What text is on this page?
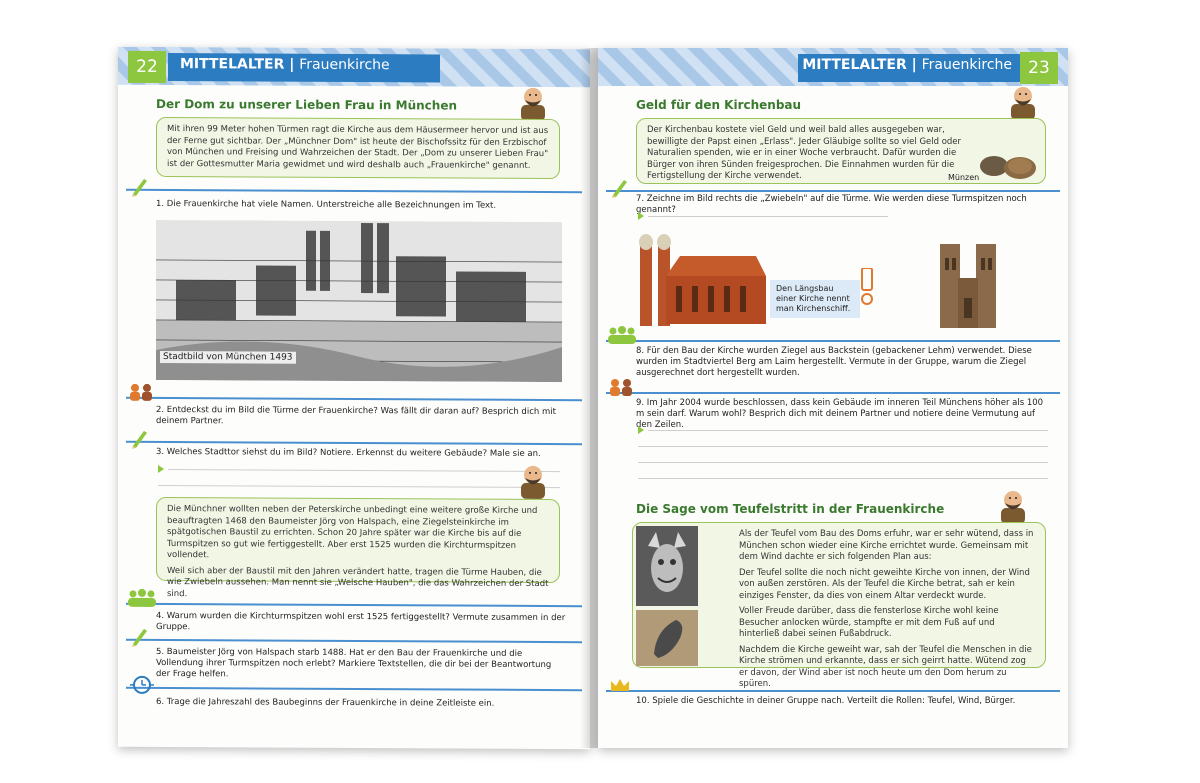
22	MITTELALTER | Frauenkirche
Der Dom zu unserer Lieben Frau in München

Mit ihren 99 Meter hohen Türmen ragt die Kirche aus dem Häusermeer hervor und ist aus der Ferne gut sichtbar. Der „Münchner Dom" ist heute der Bischofssitz für den Erzbischof von München und Freising und Wahrzeichen der Stadt. Der „Dom zu unserer Lieben Frau" ist der Gottesmutter Maria gewidmet und wird deshalb auch „Frauenkirche" genannt.

1. Die Frauenkirche hat viele Namen. Unterstreiche alle Bezeichnungen im Text.
Stadtbild von München 1493
2. Entdeckst du im Bild die Türme der Frauenkirche? Was fällt dir daran auf? Besprich dich mit deinem Partner.
3. Welches Stadttor siehst du im Bild? Notiere. Erkennst du weitere Gebäude? Male sie an.

Die Münchner wollten neben der Peterskirche unbedingt eine weitere große Kirche und beauftragten 1468 den Baumeister Jörg von Halspach, eine Ziegelsteinkirche im spätgotischen Baustil zu errichten. Schon 20 Jahre später war die Kirche bis auf die Turmspitzen so gut wie fertiggestellt. Aber erst 1525 wurden die Kirchturmspitzen vollendet.

Weil sich aber der Baustil mit den Jahren verändert hatte, tragen die Türme Hauben, die wie Zwiebeln aussehen. Man nennt sie „Welsche Hauben", die das Wahrzeichen der Stadt sind.

4. Warum wurden die Kirchturmspitzen wohl erst 1525 fertiggestellt? Vermute zusammen in der Gruppe.
5. Baumeister Jörg von Halspach starb 1488. Hat er den Bau der Frauenkirche und die Vollendung ihrer Turmspitzen noch erlebt? Markiere Textstellen, die dir bei der Beantwortung der Frage helfen.
6. Trage die Jahreszahl des Baubeginns der Frauenkirche in deine Zeitleiste ein.
23
MITTELALTER | Frauenkirche
Geld für den Kirchenbau

Der Kirchenbau kostete viel Geld und weil bald alles ausgegeben war, bewilligte der Papst einen „Erlass". Jeder Gläubige sollte so viel Geld oder Naturalien spenden, wie er in einer Woche verbraucht. Dafür wurden die Bürger von ihren Sünden freigesprochen. Die Einnahmen wurden für die Fertigstellung der Kirche verwendet.	Münzen
7. Zeichne im Bild rechts die „Zwiebeln" auf die Türme. Wie werden diese Turmspitzen noch genannt?
Den Längsbau einer Kirche nennt man Kirchenschiff.
8. Für den Bau der Kirche wurden Ziegel aus Backstein (gebackener Lehm) verwendet. Diese wurden im Stadtviertel Berg am Laim hergestellt. Vermute in der Gruppe, warum die Ziegel ausgerechnet dort hergestellt wurden.
9. Im Jahr 2004 wurde beschlossen, dass kein Gebäude im inneren Teil Münchens höher als 100 m sein darf. Warum wohl? Besprich dich mit deinem Partner und notiere deine Vermutung auf den Zeilen.
Die Sage vom Teufelstritt in der Frauenkirche

Als der Teufel vom Bau des Doms erfuhr, war er sehr wütend, dass in München schon wieder eine Kirche errichtet wurde. Gemeinsam mit dem Wind dachte er sich folgenden Plan aus:

Der Teufel sollte die noch nicht geweihte Kirche von innen, der Wind von außen zerstören. Als der Teufel die Kirche betrat, sah er kein einziges Fenster, da dies von einem Altar verdeckt wurde.

Voller Freude darüber, dass die fensterlose Kirche wohl keine Besucher anlocken würde, stampfte er mit dem Fuß auf und hinterließ dabei seinen Fußabdruck.

Nachdem die Kirche geweiht war, sah der Teufel die Menschen in die Kirche strömen und erkannte, dass er sich geirrt hatte. Wütend zog er davon, der Wind aber ist noch heute um den Dom herum zu spüren.

10. Spiele die Geschichte in deiner Gruppe nach. Verteilt die Rollen: Teufel, Wind, Bürger.
